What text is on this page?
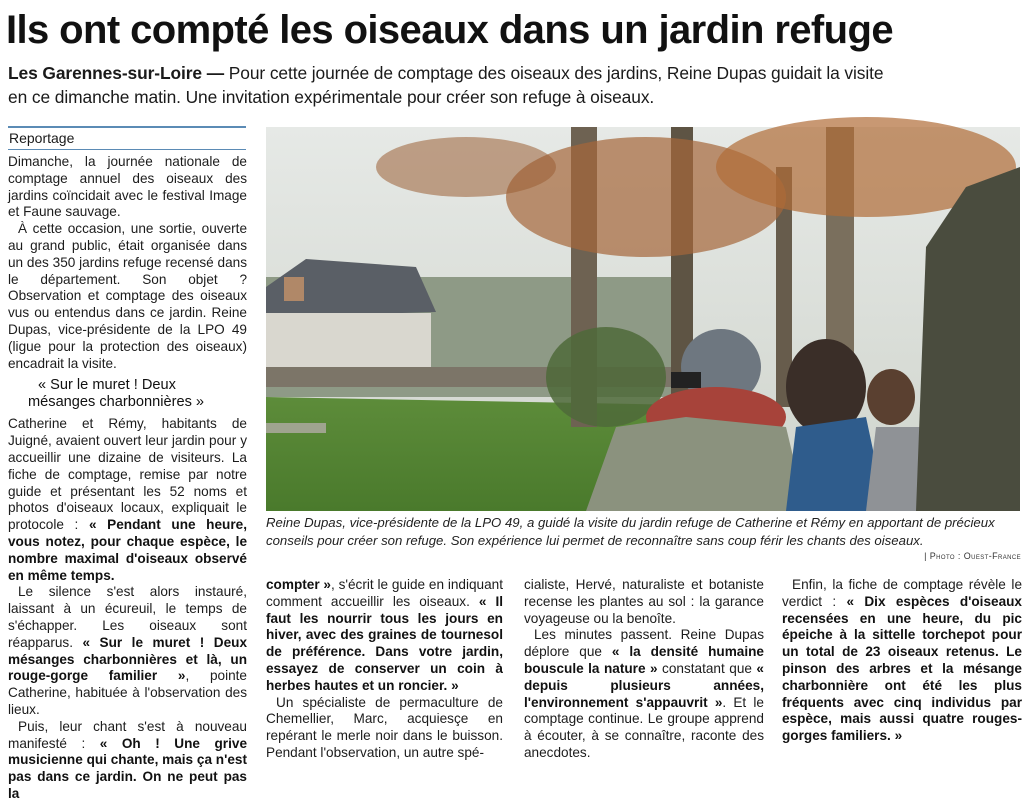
Ils ont compté les oiseaux dans un jardin refuge
Les Garennes-sur-Loire — Pour cette journée de comptage des oiseaux des jardins, Reine Dupas guidait la visite en ce dimanche matin. Une invitation expérimentale pour créer son refuge à oiseaux.
Reportage

Dimanche, la journée nationale de comptage annuel des oiseaux des jardins coïncidait avec le festival Image et Faune sauvage.

À cette occasion, une sortie, ouverte au grand public, était organisée dans un des 350 jardins refuge recensé dans le département. Son objet ? Observation et comptage des oiseaux vus ou entendus dans ce jardin. Reine Dupas, vice-présidente de la LPO 49 (ligue pour la protection des oiseaux) encadrait la visite.

« Sur le muret ! Deux mésanges charbonnières »

Catherine et Rémy, habitants de Juigné, avaient ouvert leur jardin pour y accueillir une dizaine de visiteurs. La fiche de comptage, remise par notre guide et présentant les 52 noms et photos d'oiseaux locaux, expliquait le protocole : « Pendant une heure, vous notez, pour chaque espèce, le nombre maximal d'oiseaux observé en même temps.

Le silence s'est alors instauré, laissant à un écureuil, le temps de s'échapper. Les oiseaux sont réapparus. « Sur le muret ! Deux mésanges charbonnières et là, un rouge-gorge familier », pointe Catherine, habituée à l'observation des lieux.

Puis, leur chant s'est à nouveau manifesté : « Oh ! Une grive musicienne qui chante, mais ça n'est pas dans ce jardin. On ne peut pas la

Reine Dupas, vice-présidente de la LPO 49, a guidé la visite du jardin refuge de Catherine et Rémy en apportant de précieux conseils pour créer son refuge. Son expérience lui permet de reconnaître sans coup férir les chants des oiseaux.
| Photo : Ouest-France

compter », s'écrit le guide en indiquant comment accueillir les oiseaux. « Il faut les nourrir tous les jours en hiver, avec des graines de tournesol de préférence. Dans votre jardin, essayez de conserver un coin à herbes hautes et un roncier. »

Un spécialiste de permaculture de Chemellier, Marc, acquiesçe en repérant le merle noir dans le buisson. Pendant l'observation, un autre spé-

cialiste, Hervé, naturaliste et botaniste recense les plantes au sol : la garance voyageuse ou la benoîte.

Les minutes passent. Reine Dupas déplore que « la densité humaine bouscule la nature » constatant que « depuis plusieurs années, l'environnement s'appauvrit ». Et le comptage continue. Le groupe apprend à écouter, à se connaître, raconte des anecdotes.

Enfin, la fiche de comptage révèle le verdict : « Dix espèces d'oiseaux recensées en une heure, du pic épeiche à la sittelle torchepot pour un total de 23 oiseaux retenus. Le pinson des arbres et la mésange charbonnière ont été les plus fréquents avec cinq individus par espèce, mais aussi quatre rouges-gorges familiers. »
